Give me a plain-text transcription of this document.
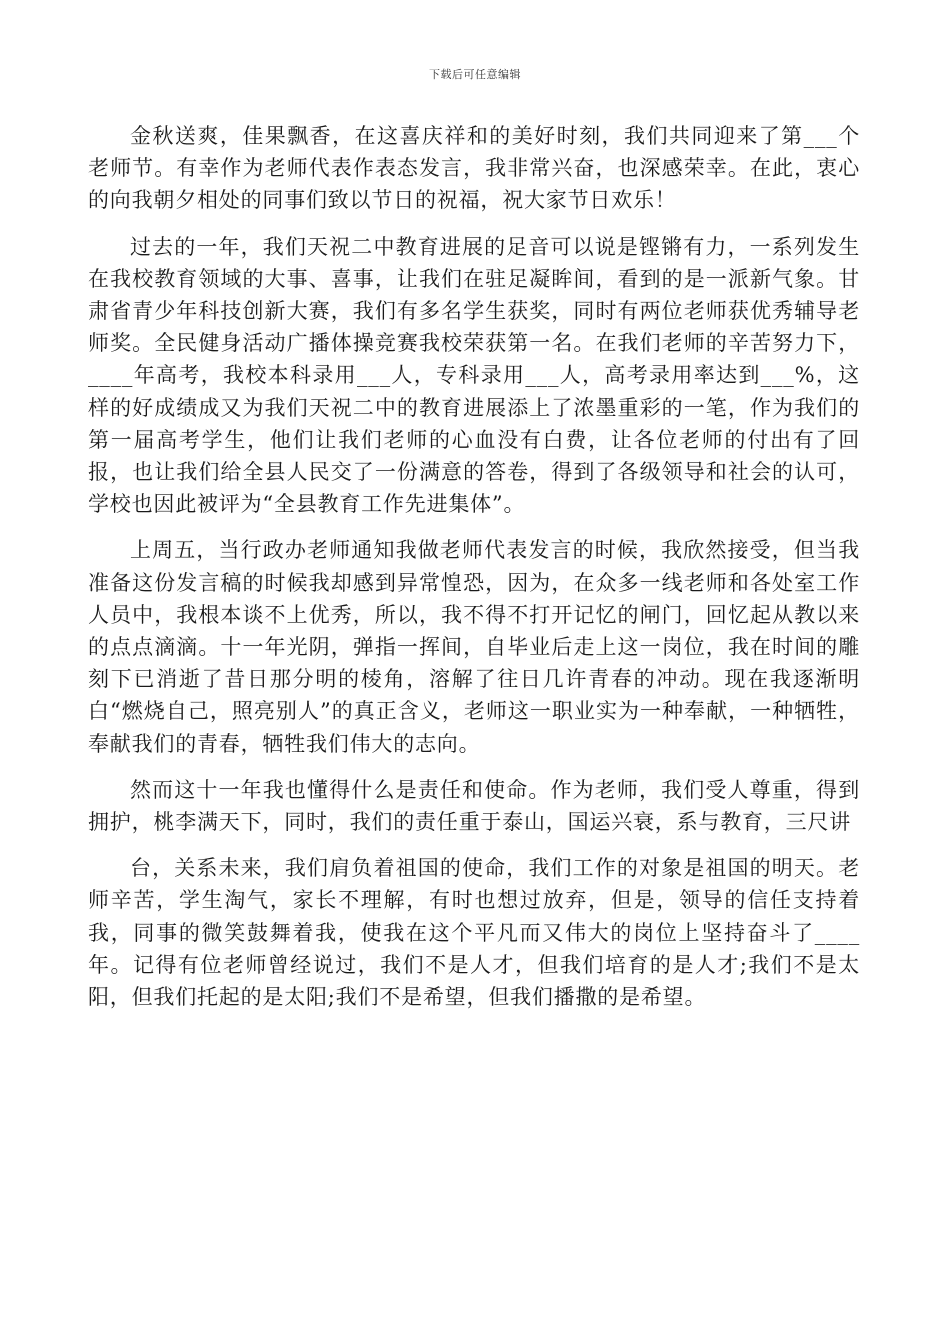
下载后可任意编辑

金秋送爽，佳果飘香，在这喜庆祥和的美好时刻，我们共同迎来了第___个老师节。有幸作为老师代表作表态发言，我非常兴奋，也深感荣幸。在此，衷心的向我朝夕相处的同事们致以节日的祝福，祝大家节日欢乐！

过去的一年，我们天祝二中教育进展的足音可以说是铿锵有力，一系列发生在我校教育领域的大事、喜事，让我们在驻足凝眸间，看到的是一派新气象。甘肃省青少年科技创新大赛，我们有多名学生获奖，同时有两位老师获优秀辅导老师奖。全民健身活动广播体操竞赛我校荣获第一名。在我们老师的辛苦努力下，____年高考，我校本科录用___人，专科录用___人，高考录用率达到___%，这样的好成绩成又为我们天祝二中的教育进展添上了浓墨重彩的一笔，作为我们的第一届高考学生，他们让我们老师的心血没有白费，让各位老师的付出有了回报，也让我们给全县人民交了一份满意的答卷，得到了各级领导和社会的认可，学校也因此被评为“全县教育工作先进集体”。

上周五，当行政办老师通知我做老师代表发言的时候，我欣然接受，但当我准备这份发言稿的时候我却感到异常惶恐，因为，在众多一线老师和各处室工作人员中，我根本谈不上优秀，所以，我不得不打开记忆的闸门，回忆起从教以来的点点滴滴。十一年光阴，弹指一挥间，自毕业后走上这一岗位，我在时间的雕刻下已消逝了昔日那分明的棱角，溶解了往日几许青春的冲动。现在我逐渐明白“燃烧自己，照亮别人”的真正含义，老师这一职业实为一种奉献，一种牺牲，奉献我们的青春，牺牲我们伟大的志向。

然而这十一年我也懂得什么是责任和使命。作为老师，我们受人尊重，得到拥护，桃李满天下，同时，我们的责任重于泰山，国运兴衰，系与教育，三尺讲

台，关系未来，我们肩负着祖国的使命，我们工作的对象是祖国的明天。老师辛苦，学生淘气，家长不理解，有时也想过放弃，但是，领导的信任支持着我，同事的微笑鼓舞着我，使我在这个平凡而又伟大的岗位上坚持奋斗了____年。记得有位老师曾经说过，我们不是人才，但我们培育的是人才;我们不是太阳，但我们托起的是太阳;我们不是希望，但我们播撒的是希望。
